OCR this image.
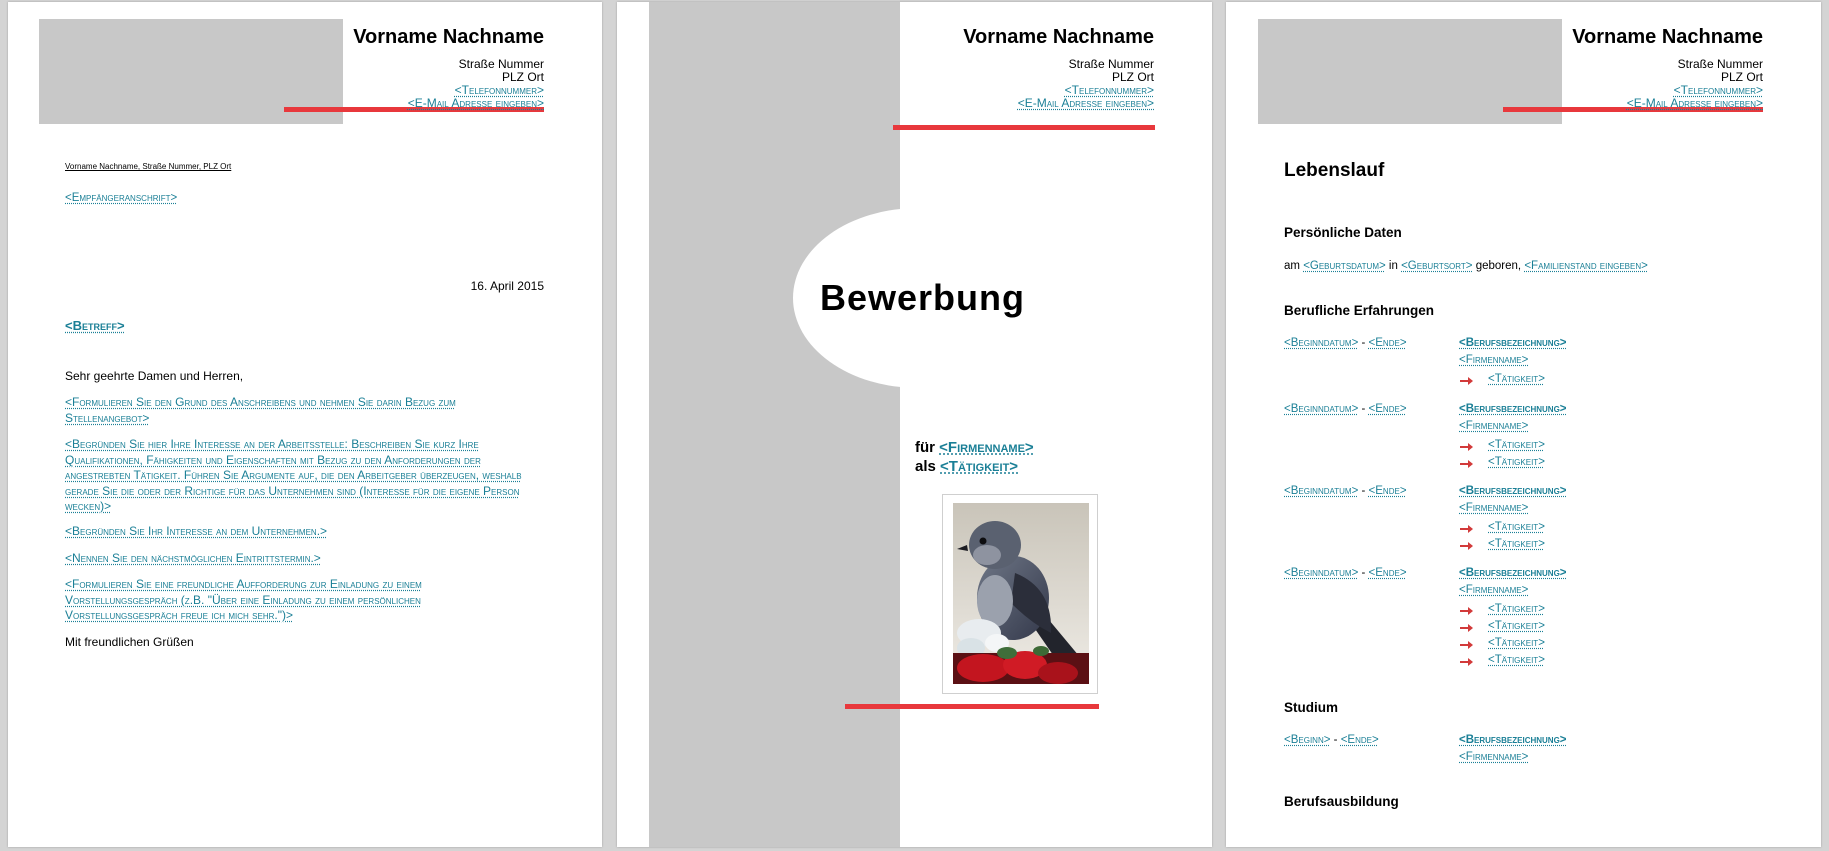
Vorname Nachname
Straße Nummer
PLZ Ort
<Telefonnummer>
<E-Mail Adresse eingeben>
Vorname Nachname, Straße Nummer, PLZ Ort
<Empfängeranschrift>
16. April 2015
<Betreff>
Sehr geehrte Damen und Herren,
<Formulieren Sie den Grund des Anschreibens und nehmen Sie darin Bezug zum Stellenangebot>
<Begründen Sie hier Ihre Interesse an der Arbeitsstelle: Beschreiben Sie kurz Ihre Qualifikationen, Fähigkeiten und Eigenschaften mit Bezug zu den Anforderungen der angestrebten Tätigkeit. Führen Sie Argumente auf, die den Arbeitgeber überzeugen, weshalb gerade Sie die oder der Richtige für das Unternehmen sind (Interesse für die eigene Person wecken)>
<Begründen Sie Ihr Interesse an dem Unternehmen.>
<Nennen Sie den nächstmöglichen Eintrittstermin.>
<Formulieren Sie eine freundliche Aufforderung zur Einladung zu einem Vorstellungsgespräch (z.B. "Über eine Einladung zu einem persönlichen Vorstellungsgespräch freue ich mich sehr.")>
Mit freundlichen Grüßen
Vorname Nachname
Straße Nummer
PLZ Ort
<Telefonnummer>
<E-Mail Adresse eingeben>
Bewerbung
für <Firmenname>
als <Tätigkeit>
Vorname Nachname
Straße Nummer
PLZ Ort
<Telefonnummer>
<E-Mail Adresse eingeben>
Lebenslauf
Persönliche Daten
am <Geburtsdatum> in <Geburtsort> geboren, <Familienstand eingeben>
Berufliche Erfahrungen
<Beginndatum> - <Ende>	<Berufsbezeichnung>
<Firmenname>
<Tätigkeit>
<Beginndatum> - <Ende>	<Berufsbezeichnung>
<Firmenname>
<Tätigkeit>
<Tätigkeit>
<Beginndatum> - <Ende>	<Berufsbezeichnung>
<Firmenname>
<Tätigkeit>
<Tätigkeit>
<Beginndatum> - <Ende>	<Berufsbezeichnung>
<Firmenname>
<Tätigkeit>
<Tätigkeit>
<Tätigkeit>
<Tätigkeit>
Studium
<Beginn> - <Ende>	<Berufsbezeichnung>
<Firmenname>
Berufsausbildung
